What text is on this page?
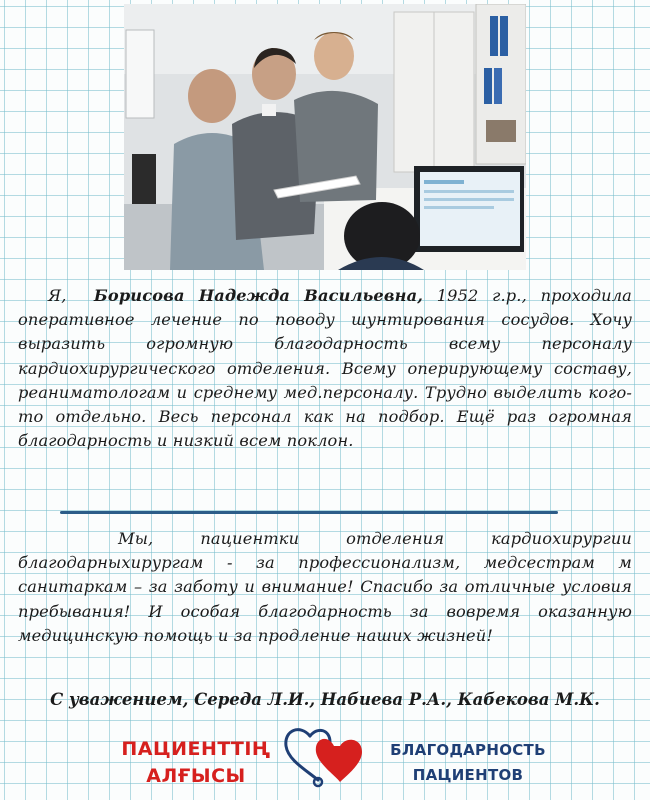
Я, Борисова Надежда Васильевна, 1952 г.р., проходила оперативное лечение по поводу шунтирования сосудов. Хочу выразить огромную благодарность всему персоналу кардиохирургического отделения. Всему оперирующему составу, реаниматологам и среднему мед.персоналу. Трудно выделить кого-то отдельно. Весь персонал как на подбор. Ещё раз огромная благодарность и низкий всем поклон.
Мы, пациентки отделения кардиохирургии благодарныхирургам - за профессионализм, медсестрам м санитаркам – за заботу и внимание! Спасибо за отличные условия пребывания! И особая благодарность за вовремя оказанную медицинскую помощь и за продление наших жизней!
С уважением, Середа Л.И., Набиева Р.А., Кабекова М.К.
ПАЦИЕНТТІҢ
АЛҒЫСЫ
БЛАГОДАРНОСТЬ
ПАЦИЕНТОВ
